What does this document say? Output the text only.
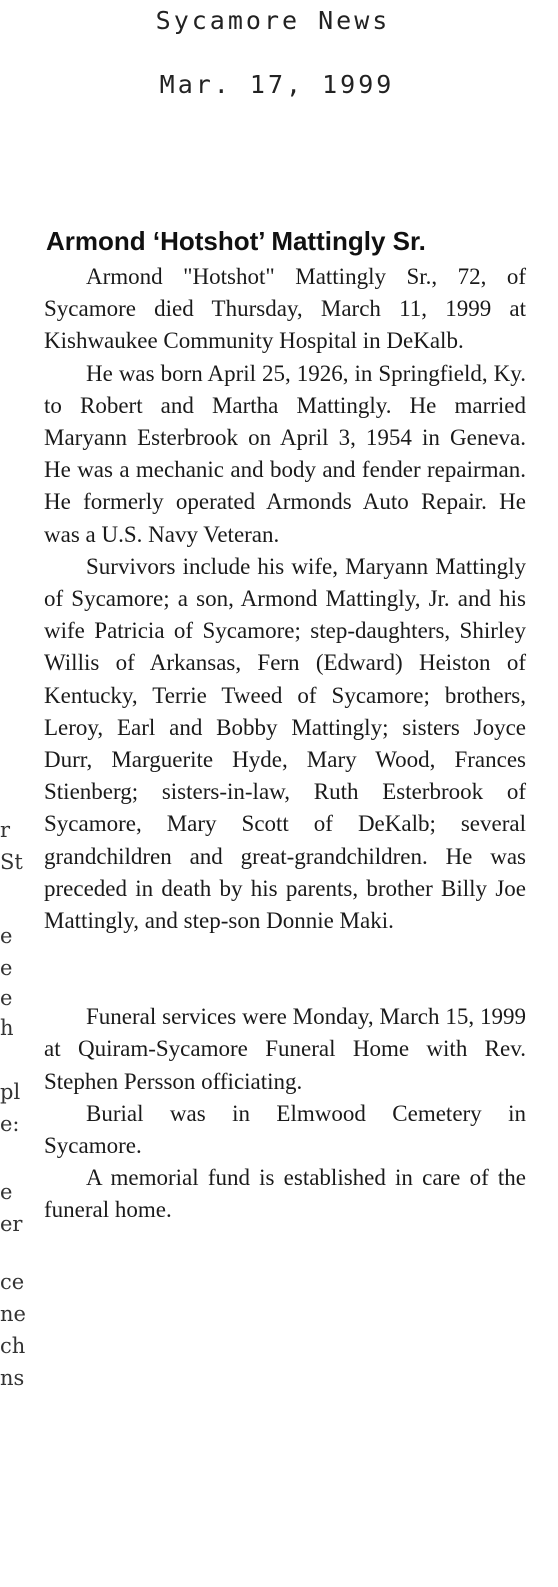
Sycamore News
Mar. 17, 1999
Armond ‘Hotshot’ Mattingly Sr.

Armond "Hotshot" Mattingly Sr., 72, of Sycamore died Thursday, March 11, 1999 at Kishwaukee Community Hospital in DeKalb.

He was born April 25, 1926, in Springfield, Ky. to Robert and Martha Mattingly. He married Maryann Esterbrook on April 3, 1954 in Geneva. He was a mechanic and body and fender repairman. He formerly operated Armonds Auto Repair. He was a U.S. Navy Veteran.

Survivors include his wife, Maryann Mattingly of Sycamore; a son, Armond Mattingly, Jr. and his wife Patricia of Sycamore; step-daughters, Shirley Willis of Arkansas, Fern (Edward) Heiston of Kentucky, Terrie Tweed of Sycamore; brothers, Leroy, Earl and Bobby Mattingly; sisters Joyce Durr, Marguerite Hyde, Mary Wood, Frances Stienberg; sisters-in-law, Ruth Esterbrook of Sycamore, Mary Scott of DeKalb; several grandchildren and great-grandchildren. He was preceded in death by his parents, brother Billy Joe Mattingly, and step-son Donnie Maki.

Funeral services were Monday, March 15, 1999 at Quiram-Sycamore Funeral Home with Rev. Stephen Persson officiating.

Burial was in Elmwood Cemetery in Sycamore.

A memorial fund is established in care of the funeral home.

r
St
e
e
e
h
pl
e:
e
er
ce
ne
ch
ns
